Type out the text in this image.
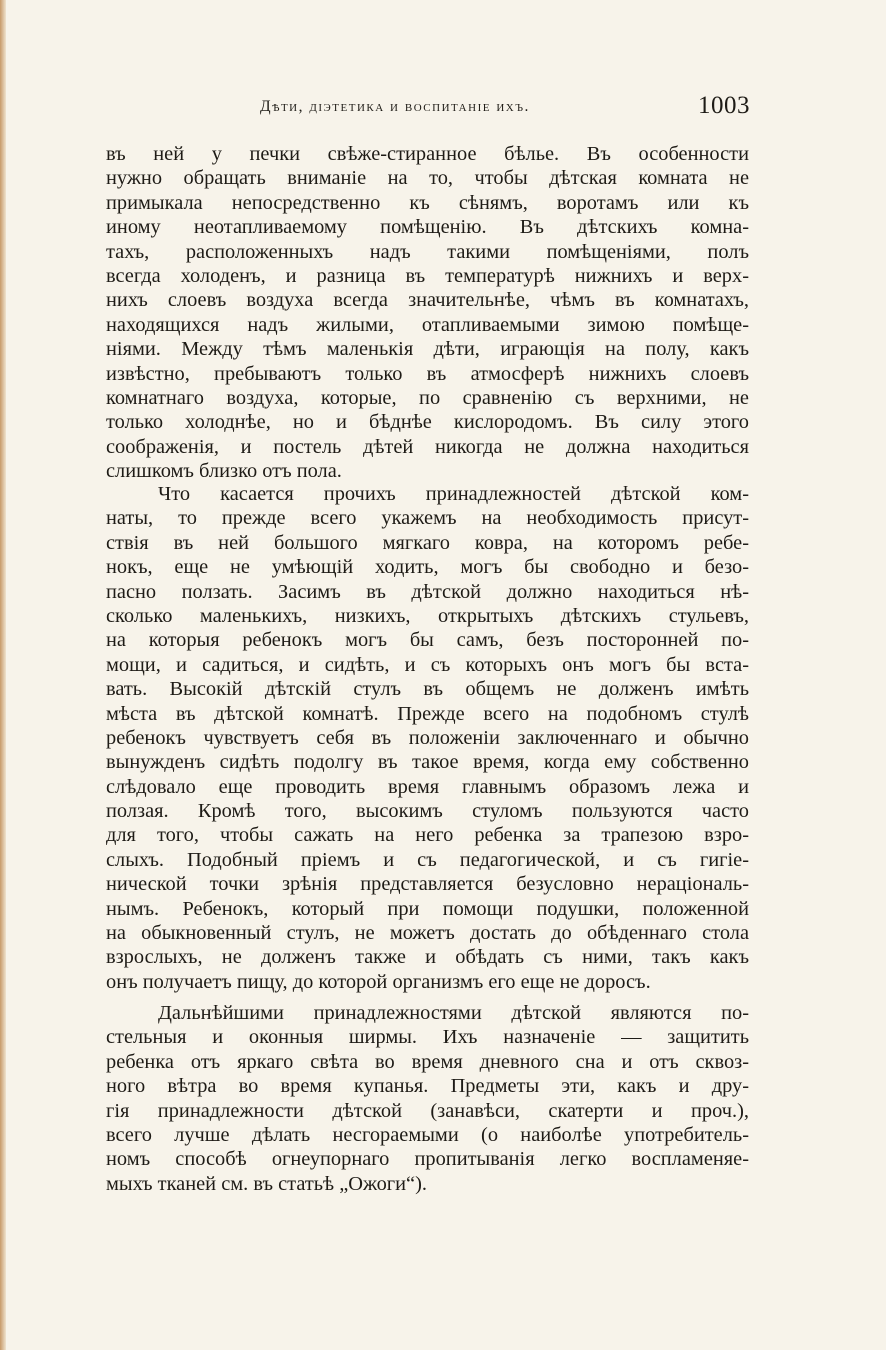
Дѣти, діэтетика и воспитаніе ихъ.	1003
въ ней у печки свѣже-стиранное бѣлье. Въ особенности
нужно обращать вниманіе на то, чтобы дѣтская комната не
примыкала непосредственно къ сѣнямъ, воротамъ или къ
иному неотапливаемому помѣщенію. Въ дѣтскихъ комна-
тахъ, расположенныхъ надъ такими помѣщеніями, полъ
всегда холоденъ, и разница въ температурѣ нижнихъ и верх-
нихъ слоевъ воздуха всегда значительнѣе, чѣмъ въ комнатахъ,
находящихся надъ жилыми, отапливаемыми зимою помѣще-
ніями. Между тѣмъ маленькія дѣти, играющія на полу, какъ
извѣстно, пребываютъ только въ атмосферѣ нижнихъ слоевъ
комнатнаго воздуха, которые, по сравненію съ верхними, не
только холоднѣе, но и бѣднѣе кислородомъ. Въ силу этого
соображенія, и постель дѣтей никогда не должна находиться
слишкомъ близко отъ пола.
Что касается прочихъ принадлежностей дѣтской ком-
наты, то прежде всего укажемъ на необходимость присут-
ствія въ ней большого мягкаго ковра, на которомъ ребе-
нокъ, еще не умѣющій ходить, могъ бы свободно и безо-
пасно ползать. Засимъ въ дѣтской должно находиться нѣ-
сколько маленькихъ, низкихъ, открытыхъ дѣтскихъ стульевъ,
на которыя ребенокъ могъ бы самъ, безъ посторонней по-
мощи, и садиться, и сидѣть, и съ которыхъ онъ могъ бы вста-
вать. Высокій дѣтскій стулъ въ общемъ не долженъ имѣть
мѣста въ дѣтской комнатѣ. Прежде всего на подобномъ стулѣ
ребенокъ чувствуетъ себя въ положеніи заключеннаго и обычно
вынужденъ сидѣть подолгу въ такое время, когда ему собственно
слѣдовало еще проводить время главнымъ образомъ лежа и
ползая. Кромѣ того, высокимъ стуломъ пользуются часто
для того, чтобы сажать на него ребенка за трапезою взро-
слыхъ. Подобный пріемъ и съ педагогической, и съ гигіе-
нической точки зрѣнія представляется безусловно нераціональ-
нымъ. Ребенокъ, который при помощи подушки, положенной
на обыкновенный стулъ, не можетъ достать до обѣденнаго стола
взрослыхъ, не долженъ также и обѣдать съ ними, такъ какъ
онъ получаетъ пищу, до которой организмъ его еще не доросъ.
Дальнѣйшими принадлежностями дѣтской являются по-
стельныя и оконныя ширмы. Ихъ назначеніе — защитить
ребенка отъ яркаго свѣта во время дневного сна и отъ сквоз-
ного вѣтра во время купанья. Предметы эти, какъ и дру-
гія принадлежности дѣтской (занавѣси, скатерти и проч.),
всего лучше дѣлать несгораемыми (о наиболѣе употребитель-
номъ способѣ огнеупорнаго пропитыванія легко воспламеняе-
мыхъ тканей см. въ статьѣ „Ожоги“).
